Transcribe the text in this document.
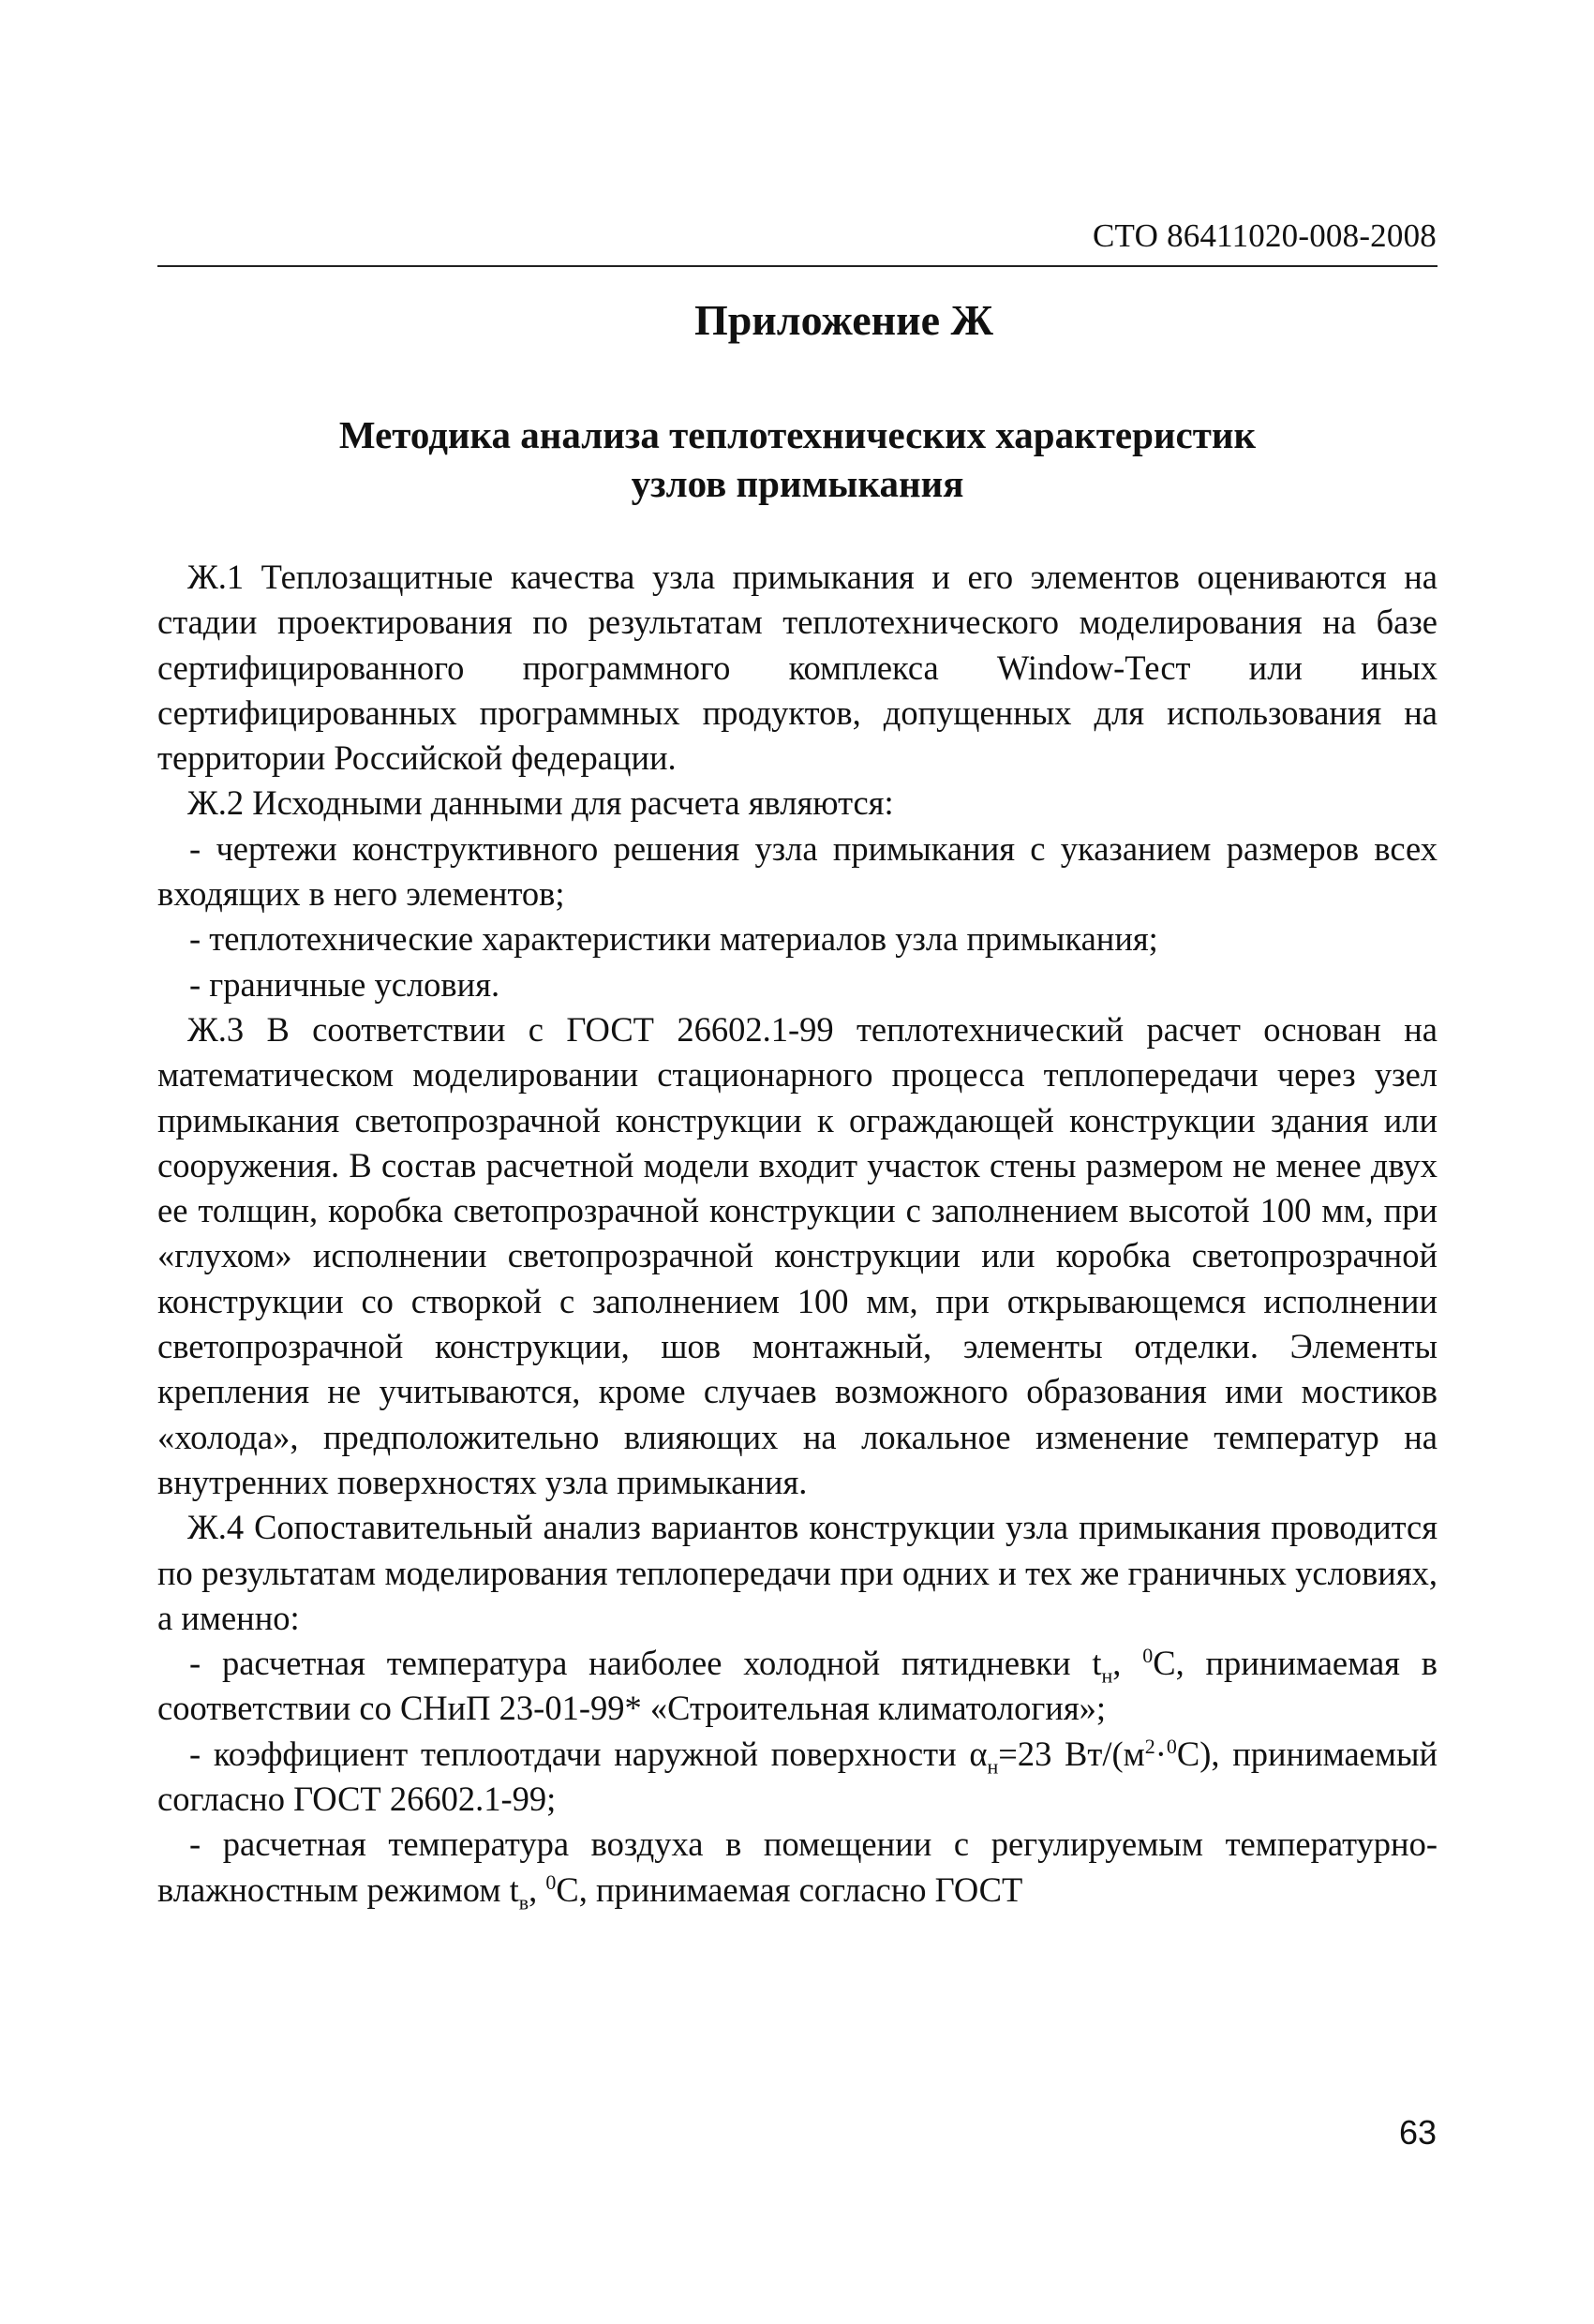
СТО 86411020-008-2008
Приложение Ж
Методика анализа теплотехнических характеристик
узлов примыкания

Ж.1 Теплозащитные качества узла примыкания и его элементов оцениваются на стадии проектирования по результатам теплотехнического моделирования на базе сертифицированного программного комплекса Window-Тест или иных сертифицированных программных продуктов, допущенных для использования на территории Российской федерации.

Ж.2 Исходными данными для расчета являются:

- чертежи конструктивного решения узла примыкания с указанием размеров всех входящих в него элементов;

- теплотехнические характеристики материалов узла примыкания;

- граничные условия.

Ж.3 В соответствии с ГОСТ 26602.1-99 теплотехнический расчет основан на математическом моделировании стационарного процесса теплопередачи через узел примыкания светопрозрачной конструкции к ограждающей конструкции здания или сооружения. В состав расчетной модели входит участок стены размером не менее двух ее толщин, коробка светопрозрачной конструкции с заполнением высотой 100 мм, при «глухом» исполнении светопрозрачной конструкции или коробка светопрозрачной конструкции со створкой с заполнением 100 мм, при открывающемся исполнении светопрозрачной конструкции, шов монтажный, элементы отделки. Элементы крепления не учитываются, кроме случаев возможного образования ими мостиков «холода», предположительно влияющих на локальное изменение температур на внутренних поверхностях узла примыкания.

Ж.4 Сопоставительный анализ вариантов конструкции узла примыкания проводится по результатам моделирования теплопередачи при одних и тех же граничных условиях, а именно:

- расчетная температура наиболее холодной пятидневки $t_н$, $^0$С, принимаемая в соответствии со СНиП 23-01-99* «Строительная климатология»;

- коэффициент теплоотдачи наружной поверхности $\alpha_н=23$ $Вт/(м^2\cdot^0С)$, принимаемый согласно ГОСТ 26602.1-99;

- расчетная температура воздуха в помещении с регулируемым температурно-влажностным режимом $t_в$, $^0$С, принимаемая согласно ГОСТ

63
